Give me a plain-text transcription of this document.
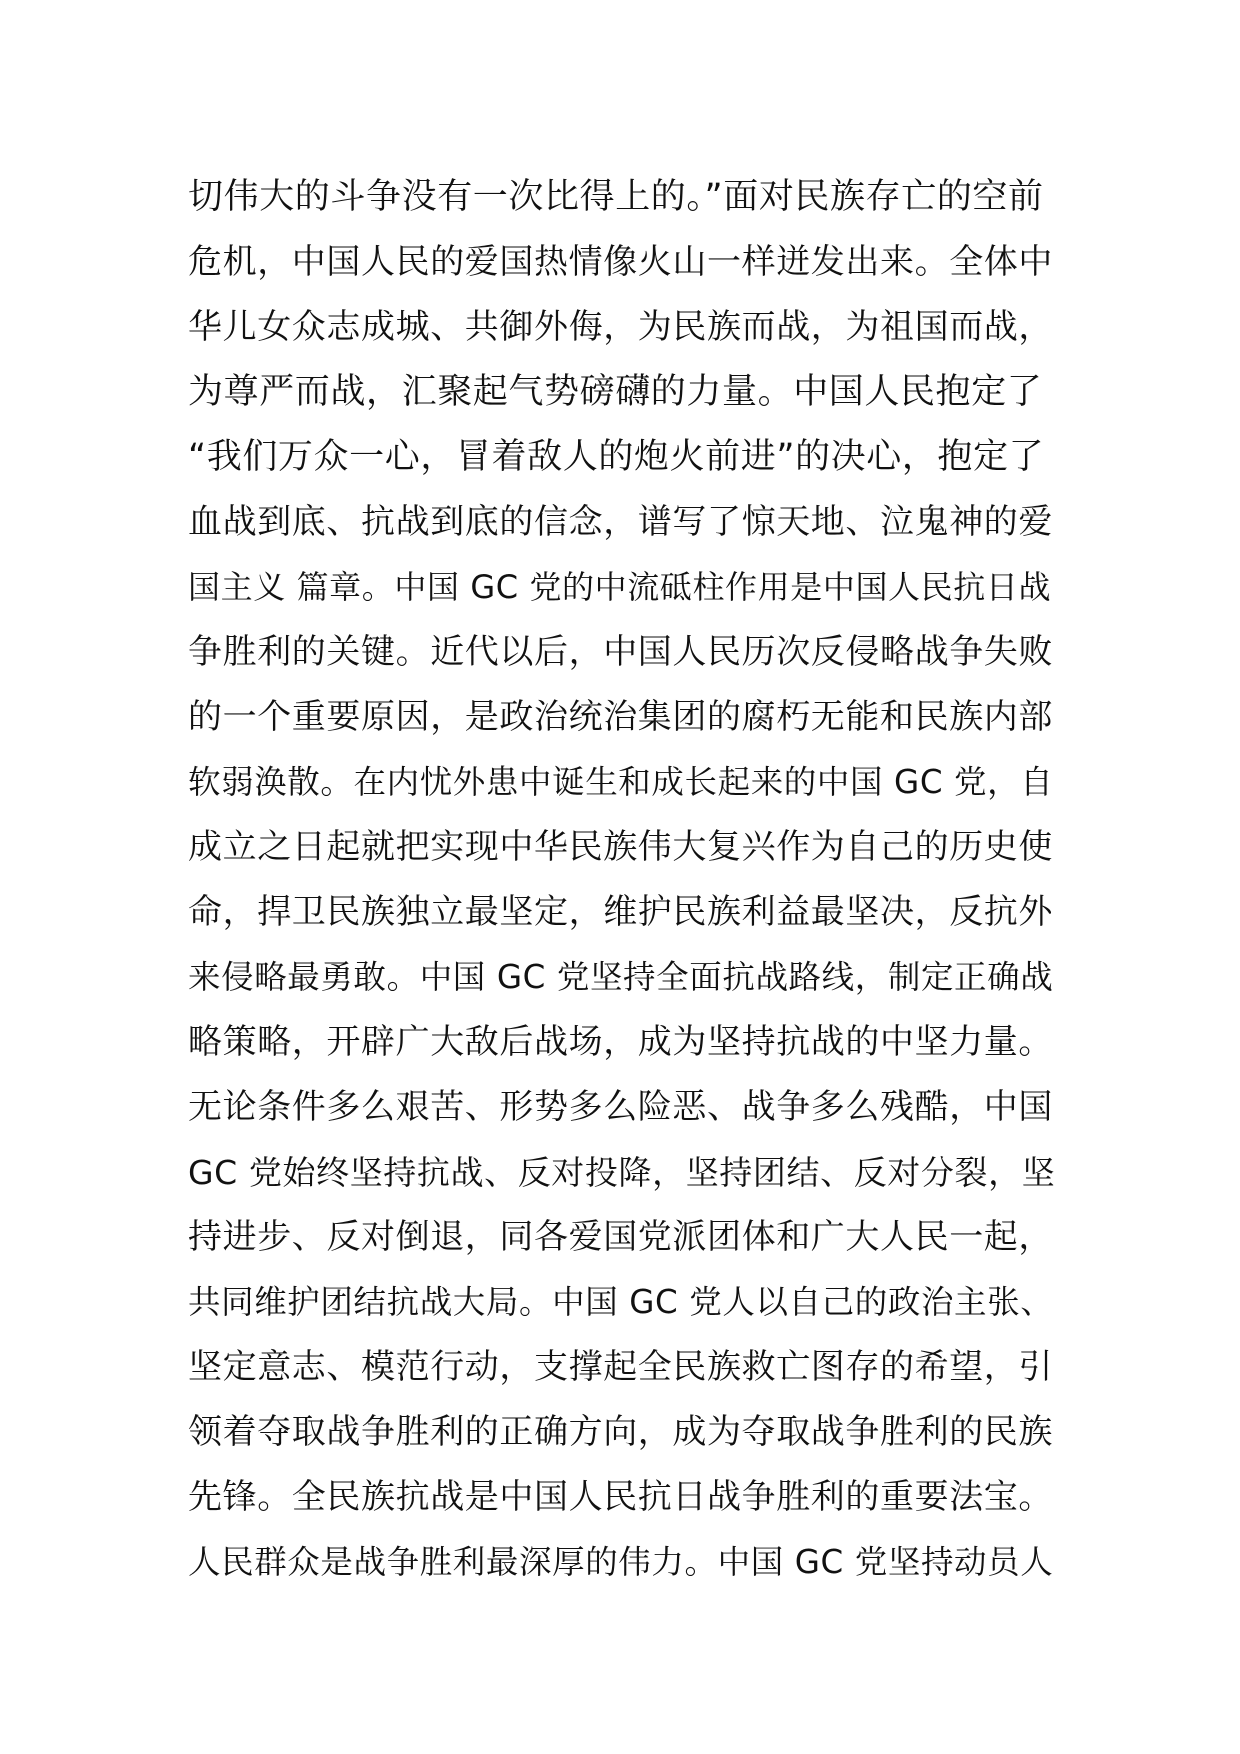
切伟大的斗争没有一次比得上的。”面对民族存亡的空前
危机，中国人民的爱国热情像火山一样迸发出来。全体中
华儿女众志成城、共御外侮，为民族而战，为祖国而战，
为尊严而战，汇聚起气势磅礴的力量。中国人民抱定了
“我们万众一心，冒着敌人的炮火前进”的决心，抱定了
血战到底、抗战到底的信念，谱写了惊天地、泣鬼神的爱
国主义 篇章。中国 GC 党的中流砥柱作用是中国人民抗日战
争胜利的关键。近代以后，中国人民历次反侵略战争失败
的一个重要原因，是政治统治集团的腐朽无能和民族内部
软弱涣散。在内忧外患中诞生和成长起来的中国 GC 党，自
成立之日起就把实现中华民族伟大复兴作为自己的历史使
命，捍卫民族独立最坚定，维护民族利益最坚决，反抗外
来侵略最勇敢。中国 GC 党坚持全面抗战路线，制定正确战
略策略，开辟广大敌后战场，成为坚持抗战的中坚力量。
无论条件多么艰苦、形势多么险恶、战争多么残酷，中国
GC 党始终坚持抗战、反对投降，坚持团结、反对分裂，坚
持进步、反对倒退，同各爱国党派团体和广大人民一起，
共同维护团结抗战大局。中国 GC 党人以自己的政治主张、
坚定意志、模范行动，支撑起全民族救亡图存的希望，引
领着夺取战争胜利的正确方向，成为夺取战争胜利的民族
先锋。全民族抗战是中国人民抗日战争胜利的重要法宝。
人民群众是战争胜利最深厚的伟力。中国 GC 党坚持动员人
